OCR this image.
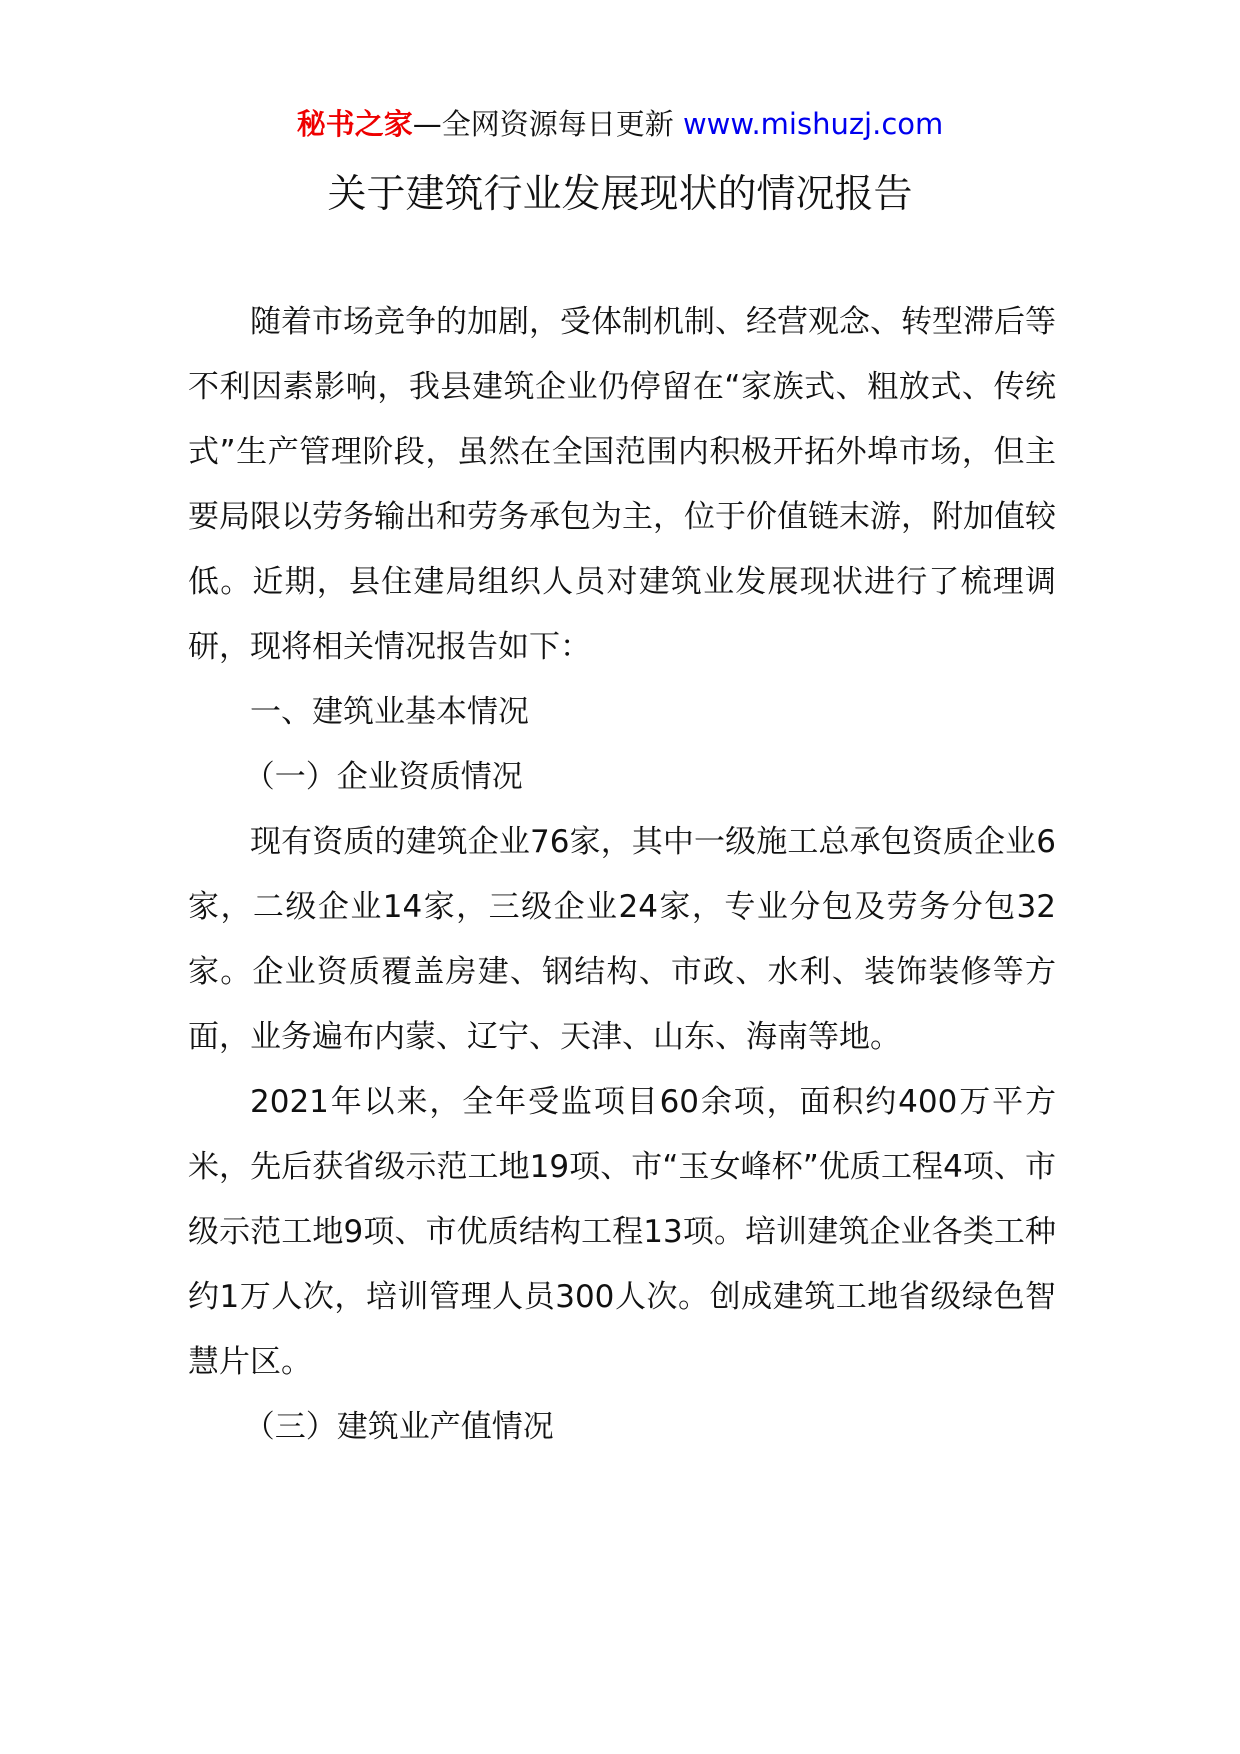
秘书之家—全网资源每日更新 www.mishuzj.com
关于建筑行业发展现状的情况报告

随着市场竞争的加剧，受体制机制、经营观念、转型滞后等不利因素影响，我县建筑企业仍停留在“家族式、粗放式、传统式”生产管理阶段，虽然在全国范围内积极开拓外埠市场，但主要局限以劳务输出和劳务承包为主，位于价值链末游，附加值较低。近期，县住建局组织人员对建筑业发展现状进行了梳理调研，现将相关情况报告如下：

一、建筑业基本情况

（一）企业资质情况

现有资质的建筑企业76家，其中一级施工总承包资质企业6家，二级企业14家，三级企业24家，专业分包及劳务分包32家。企业资质覆盖房建、钢结构、市政、水利、装饰装修等方面，业务遍布内蒙、辽宁、天津、山东、海南等地。

2021年以来，全年受监项目60余项，面积约400万平方米，先后获省级示范工地19项、市“玉女峰杯”优质工程4项、市级示范工地9项、市优质结构工程13项。培训建筑企业各类工种约1万人次，培训管理人员300人次。创成建筑工地省级绿色智慧片区。

（三）建筑业产值情况
